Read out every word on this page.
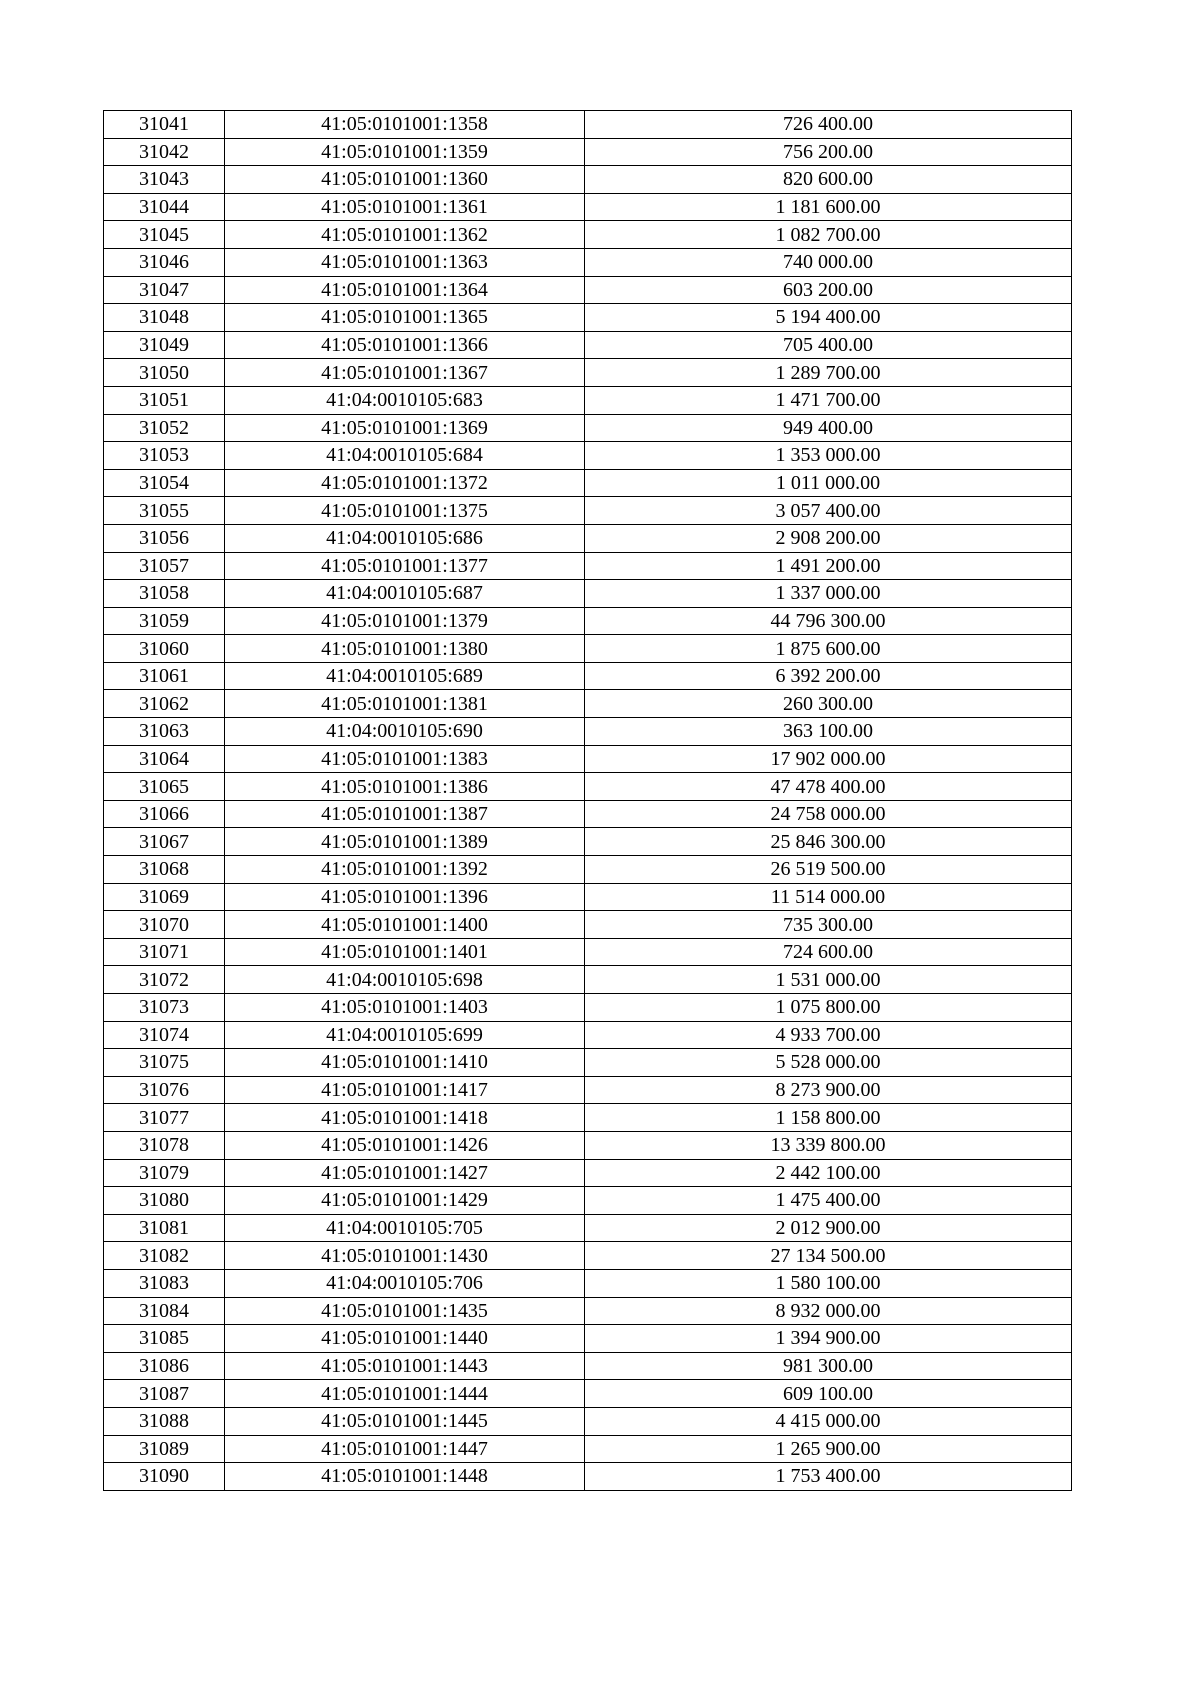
31041	41:05:0101001:1358	726 400.00
31042	41:05:0101001:1359	756 200.00
31043	41:05:0101001:1360	820 600.00
31044	41:05:0101001:1361	1 181 600.00
31045	41:05:0101001:1362	1 082 700.00
31046	41:05:0101001:1363	740 000.00
31047	41:05:0101001:1364	603 200.00
31048	41:05:0101001:1365	5 194 400.00
31049	41:05:0101001:1366	705 400.00
31050	41:05:0101001:1367	1 289 700.00
31051	41:04:0010105:683	1 471 700.00
31052	41:05:0101001:1369	949 400.00
31053	41:04:0010105:684	1 353 000.00
31054	41:05:0101001:1372	1 011 000.00
31055	41:05:0101001:1375	3 057 400.00
31056	41:04:0010105:686	2 908 200.00
31057	41:05:0101001:1377	1 491 200.00
31058	41:04:0010105:687	1 337 000.00
31059	41:05:0101001:1379	44 796 300.00
31060	41:05:0101001:1380	1 875 600.00
31061	41:04:0010105:689	6 392 200.00
31062	41:05:0101001:1381	260 300.00
31063	41:04:0010105:690	363 100.00
31064	41:05:0101001:1383	17 902 000.00
31065	41:05:0101001:1386	47 478 400.00
31066	41:05:0101001:1387	24 758 000.00
31067	41:05:0101001:1389	25 846 300.00
31068	41:05:0101001:1392	26 519 500.00
31069	41:05:0101001:1396	11 514 000.00
31070	41:05:0101001:1400	735 300.00
31071	41:05:0101001:1401	724 600.00
31072	41:04:0010105:698	1 531 000.00
31073	41:05:0101001:1403	1 075 800.00
31074	41:04:0010105:699	4 933 700.00
31075	41:05:0101001:1410	5 528 000.00
31076	41:05:0101001:1417	8 273 900.00
31077	41:05:0101001:1418	1 158 800.00
31078	41:05:0101001:1426	13 339 800.00
31079	41:05:0101001:1427	2 442 100.00
31080	41:05:0101001:1429	1 475 400.00
31081	41:04:0010105:705	2 012 900.00
31082	41:05:0101001:1430	27 134 500.00
31083	41:04:0010105:706	1 580 100.00
31084	41:05:0101001:1435	8 932 000.00
31085	41:05:0101001:1440	1 394 900.00
31086	41:05:0101001:1443	981 300.00
31087	41:05:0101001:1444	609 100.00
31088	41:05:0101001:1445	4 415 000.00
31089	41:05:0101001:1447	1 265 900.00
31090	41:05:0101001:1448	1 753 400.00
